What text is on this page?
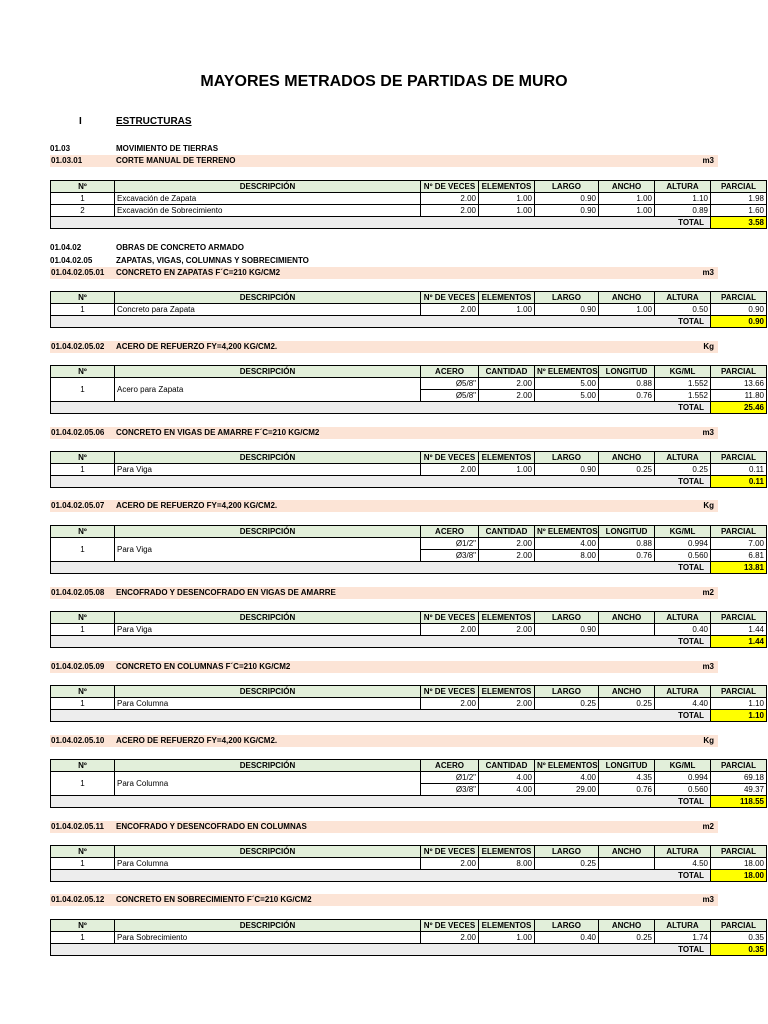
MAYORES METRADOS DE PARTIDAS DE MURO
I	ESTRUCTURAS
01.03	MOVIMIENTO DE TIERRAS
01.04.02	OBRAS DE CONCRETO ARMADO
01.04.02.05	ZAPATAS, VIGAS, COLUMNAS Y SOBRECIMIENTO
01.03.01	CORTE MANUAL DE TERRENO	m3
Nº	DESCRIPCIÓN	Nº DE VECES	ELEMENTOS	LARGO	ANCHO	ALTURA	PARCIAL
1	Excavación de Zapata	2.00	1.00	0.90	1.00	1.10	1.98
2	Excavación de Sobrecimiento	2.00	1.00	0.90	1.00	0.89	1.60
TOTAL							3.58
01.04.02.05.01 CONCRETO EN ZAPATAS F´C=210 KG/CM2	m3
Nº	DESCRIPCIÓN	Nº DE VECES	ELEMENTOS	LARGO	ANCHO	ALTURA	PARCIAL
1	Concreto para Zapata	2.00	1.00	0.90	1.00	0.50	0.90
TOTAL							0.90
01.04.02.05.02 ACERO DE REFUERZO FY=4,200 KG/CM2.	Kg
Nº	DESCRIPCIÓN	ACERO	CANTIDAD	Nº ELEMENTOS	LONGITUD	KG/ML	PARCIAL
1	Acero para Zapata	Ø5/8"	2.00	5.00	0.88	1.552	13.66
		Ø5/8"	2.00	5.00	0.76	1.552	11.80
TOTAL							25.46
01.04.02.05.06 CONCRETO EN VIGAS DE AMARRE F´C=210 KG/CM2	m3
Nº	DESCRIPCIÓN	Nº DE VECES	ELEMENTOS	LARGO	ANCHO	ALTURA	PARCIAL
1	Para Viga	2.00	1.00	0.90	0.25	0.25	0.11
TOTAL							0.11
01.04.02.05.07 ACERO DE REFUERZO FY=4,200 KG/CM2.	Kg
Nº	DESCRIPCIÓN	ACERO	CANTIDAD	Nº ELEMENTOS	LONGITUD	KG/ML	PARCIAL
1	Para Viga	Ø1/2"	2.00	4.00	0.88	0.994	7.00
		Ø3/8"	2.00	8.00	0.76	0.560	6.81
TOTAL							13.81
01.04.02.05.08 ENCOFRADO Y DESENCOFRADO EN VIGAS DE AMARRE	m2
Nº	DESCRIPCIÓN	Nº DE VECES	ELEMENTOS	LARGO	ANCHO	ALTURA	PARCIAL
1	Para Viga	2.00	2.00	0.90		0.40	1.44
TOTAL							1.44
01.04.02.05.09 CONCRETO EN COLUMNAS F´C=210 KG/CM2	m3
Nº	DESCRIPCIÓN	Nº DE VECES	ELEMENTOS	LARGO	ANCHO	ALTURA	PARCIAL
1	Para Columna	2.00	2.00	0.25	0.25	4.40	1.10
TOTAL							1.10
01.04.02.05.10 ACERO DE REFUERZO FY=4,200 KG/CM2.	Kg
Nº	DESCRIPCIÓN	ACERO	CANTIDAD	Nº ELEMENTOS	LONGITUD	KG/ML	PARCIAL
1	Para Columna	Ø1/2"	4.00	4.00	4.35	0.994	69.18
		Ø3/8"	4.00	29.00	0.76	0.560	49.37
TOTAL							118.55
01.04.02.05.11 ENCOFRADO Y DESENCOFRADO EN COLUMNAS	m2
Nº	DESCRIPCIÓN	Nº DE VECES	ELEMENTOS	LARGO	ANCHO	ALTURA	PARCIAL
1	Para Columna	2.00	8.00	0.25		4.50	18.00
TOTAL							18.00
01.04.02.05.12 CONCRETO EN SOBRECIMIENTO F´C=210 KG/CM2	m3
Nº	DESCRIPCIÓN	Nº DE VECES	ELEMENTOS	LARGO	ANCHO	ALTURA	PARCIAL
1	Para Sobrecimiento	2.00	1.00	0.40	0.25	1.74	0.35
TOTAL							0.35
